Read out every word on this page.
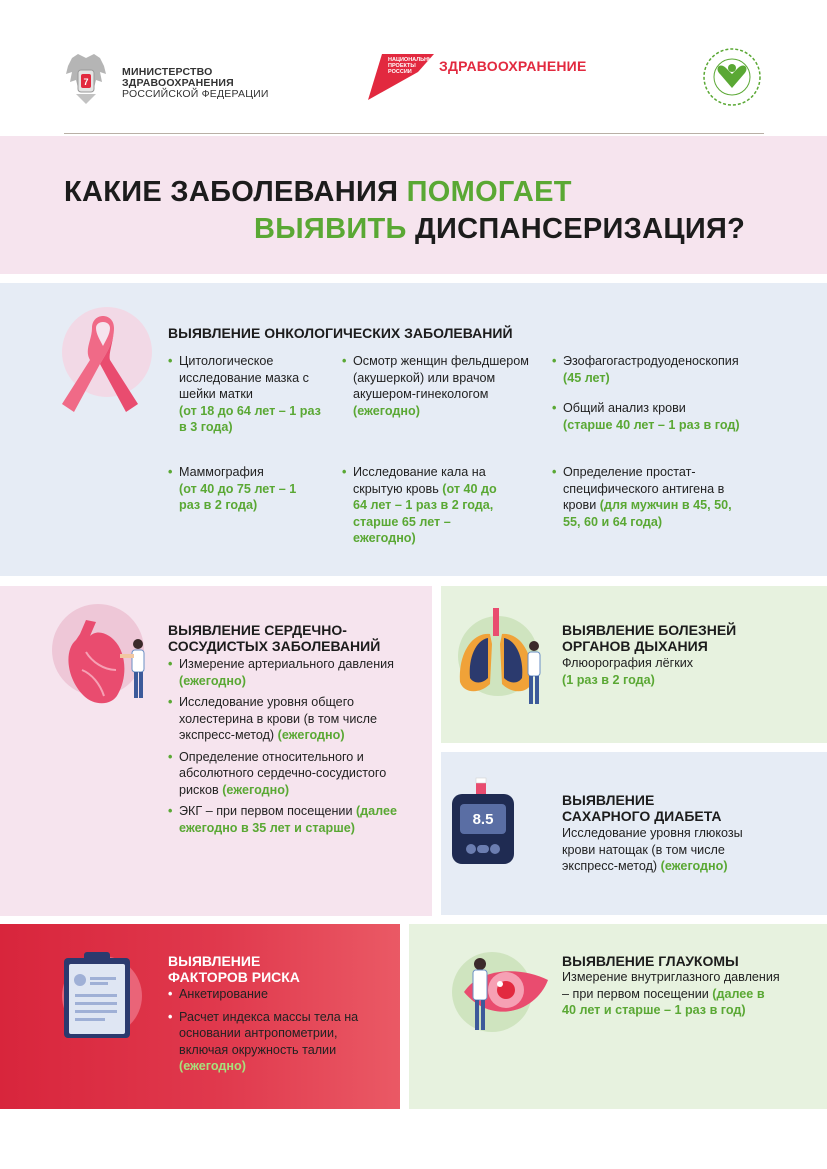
7
МИНИСТЕРСТВО
ЗДРАВООХРАНЕНИЯ
РОССИЙСКОЙ ФЕДЕРАЦИИ
НАЦИОНАЛЬНЫЕ
ПРОЕКТЫ
РОССИИ	ЗДРАВООХРАНЕНИЕ
КАКИЕ ЗАБОЛЕВАНИЯ ПОМОГАЕТ
ВЫЯВИТЬ ДИСПАНСЕРИЗАЦИЯ?
ВЫЯВЛЕНИЕ ОНКОЛОГИЧЕСКИХ ЗАБОЛЕВАНИЙ
• Цитологическое исследование мазка с шейки матки
(от 18 до 64 лет – 1 раз в 3 года)
• Осмотр женщин фельдшером (акушеркой) или врачом акушером-гинекологом (ежегодно)
• Эзофагогастродуоденоскопия
(45 лет)
• Общий анализ крови
(старше 40 лет – 1 раз в год)
• Маммография
(от 40 до 75 лет – 1 раз в 2 года)
• Исследование кала на скрытую кровь (от 40 до 64 лет – 1 раз в 2 года, старше 65 лет – ежегодно)
• Определение простат-специфического антигена в крови (для мужчин в 45, 50, 55, 60 и 64 года)
ВЫЯВЛЕНИЕ СЕРДЕЧНО-
СОСУДИСТЫХ ЗАБОЛЕВАНИЙ
• Измерение артериального давления (ежегодно)
• Исследование уровня общего холестерина в крови (в том числе экспресс-метод) (ежегодно)
• Определение относительного и абсолютного сердечно-сосудистого рисков (ежегодно)
• ЭКГ – при первом посещении (далее ежегодно в 35 лет и старше)
ВЫЯВЛЕНИЕ БОЛЕЗНЕЙ
ОРГАНОВ ДЫХАНИЯ
Флюорография лёгких
(1 раз в 2 года)
8.5
ВЫЯВЛЕНИЕ
САХАРНОГО ДИАБЕТА
Исследование уровня глюкозы крови натощак (в том числе экспресс-метод) (ежегодно)
ВЫЯВЛЕНИЕ
ФАКТОРОВ РИСКА
• Анкетирование
• Расчет индекса массы тела на основании антропометрии, включая окружность талии (ежегодно)
ВЫЯВЛЕНИЕ ГЛАУКОМЫ
Измерение внутриглазного давления – при первом посещении (далее в 40 лет и старше – 1 раз в год)
